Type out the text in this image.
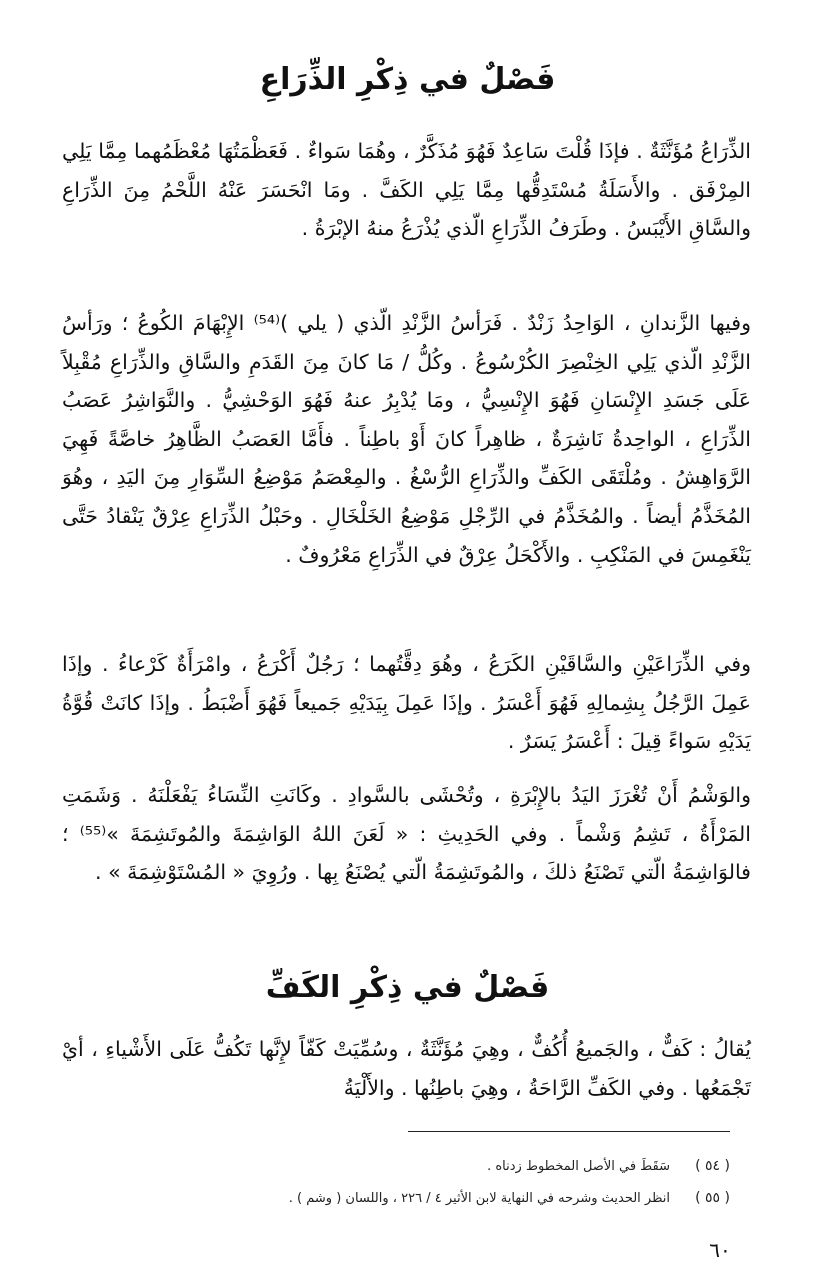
فَصْلٌ في ذِكْرِ الذِّرَاعِ

الذِّرَاعُ مُؤَنَّثَةٌ . فإذَا قُلْتَ سَاعِدٌ فَهُوَ مُذَكَّرٌ ، وهُمَا سَواءٌ . فَعَظْمَتُهَا مُعْظَمُهما مِمَّا يَلِي المِرْفَق . والأَسَلَةُ مُسْتَدِقُّها مِمَّا يَلِي الكَفَّ . ومَا انْحَسَرَ عَنْهُ اللَّحْمُ مِنَ الذِّرَاعِ والسَّاقِ الأَيْبَسُ . وطَرَفُ الذِّرَاعِ الّذي يُذْرَعُ منهُ الإبْرَةُ .

وفيها الزَّندانِ ، الوَاحِدُ زَنْدٌ . فَرَأسُ الزَّنْدِ الّذي ( يلي )⁽⁵⁴⁾ الإِبْهَامَ الكُوعُ ؛ ورَأسُ الزَّنْدِ الّذي يَلِي الخِنْصِرَ الكُرْسُوعُ . وكُلُّ / مَا كانَ مِنَ القَدَمِ والسَّاقِ والذِّرَاعِ مُقْبِلاً عَلَى جَسَدِ الإِنْسَانِ فَهُوَ الإِنْسِيُّ ، ومَا يُدْبِرُ عنهُ فَهُوَ الوَحْشِيُّ . والنَّوَاشِرُ عَصَبُ الذِّرَاعِ ، الواحِدةُ نَاشِرَةٌ ، ظاهِراً كانَ أَوْ باطِناً . فأَمَّا العَصَبُ الظَّاهِرُ خاصَّةً فَهِيَ الرَّوَاهِشُ . ومُلْتَقَى الكَفِّ والذِّرَاعِ الرُّسْغُ . والمِعْصَمُ مَوْضِعُ السِّوَارِ مِنَ اليَدِ ، وهُوَ المُخَذَّمُ أيضاً . والمُخَذَّمُ في الرِّجْلِ مَوْضِعُ الخَلْخَالِ . وحَبْلُ الذِّرَاعِ عِرْقٌ يَنْقادُ حَتَّى يَنْغَمِسَ في المَنْكِبِ . والأَكْحَلُ عِرْقٌ في الذِّرَاعِ مَعْرُوفٌ .

وفي الذِّرَاعَيْنِ والسَّاقَيْنِ الكَرَعُ ، وهُوَ دِقَّتُهما ؛ رَجُلٌ أَكْرَعُ ، وامْرَأَةٌ كَرْعاءُ . وإذَا عَمِلَ الرَّجُلُ بِشِمالِهِ فَهُوَ أَعْسَرُ . وإذَا عَمِلَ بِيَدَيْهِ جَميعاً فَهُوَ أَضْبَطُ . وإذَا كانَتْ قُوَّةُ يَدَيْهِ سَواءً قِيلَ : أَعْسَرُ يَسَرٌ .

والوَشْمُ أَنْ تُغْرَزَ اليَدُ بالإِبْرَةِ ، وتُحْشَى بالسَّوادِ . وكَانَتِ النِّسَاءُ يَفْعَلْنَهُ . وَشَمَتِ المَرْأَةُ ، تَشِمُ وَشْماً . وفي الحَدِيثِ : « لَعَنَ اللهُ الوَاشِمَةَ والمُوتَشِمَةَ »⁽⁵⁵⁾ ؛ فالوَاشِمَةُ الّتي تَصْنَعُ ذلكَ ، والمُوتَشِمَةُ الّتي يُصْنَعُ بِها . ورُوِيَ « المُسْتَوْشِمَةَ » .

فَصْلٌ في ذِكْرِ الكَفِّ

يُقالُ : كَفٌّ ، والجَميعُ أُكُفٌّ ، وهِيَ مُؤَنَّثَةٌ ، وسُمِّيَتْ كَفّاً لإِنَّها تَكُفُّ عَلَى الأَشْياءِ ، أيْ تَجْمَعُها . وفي الكَفِّ الرَّاحَةُ ، وهِيَ باطِنُها . والأَلْيَةُ

( ٥٤ )
سَقَطَ في الأصل المخطوط زدناه .
( ٥٥ )
انظر الحديث وشرحه في النهاية لابن الأثير ٤ / ٢٢٦ ، واللسان ( وشم ) .
٦٠
